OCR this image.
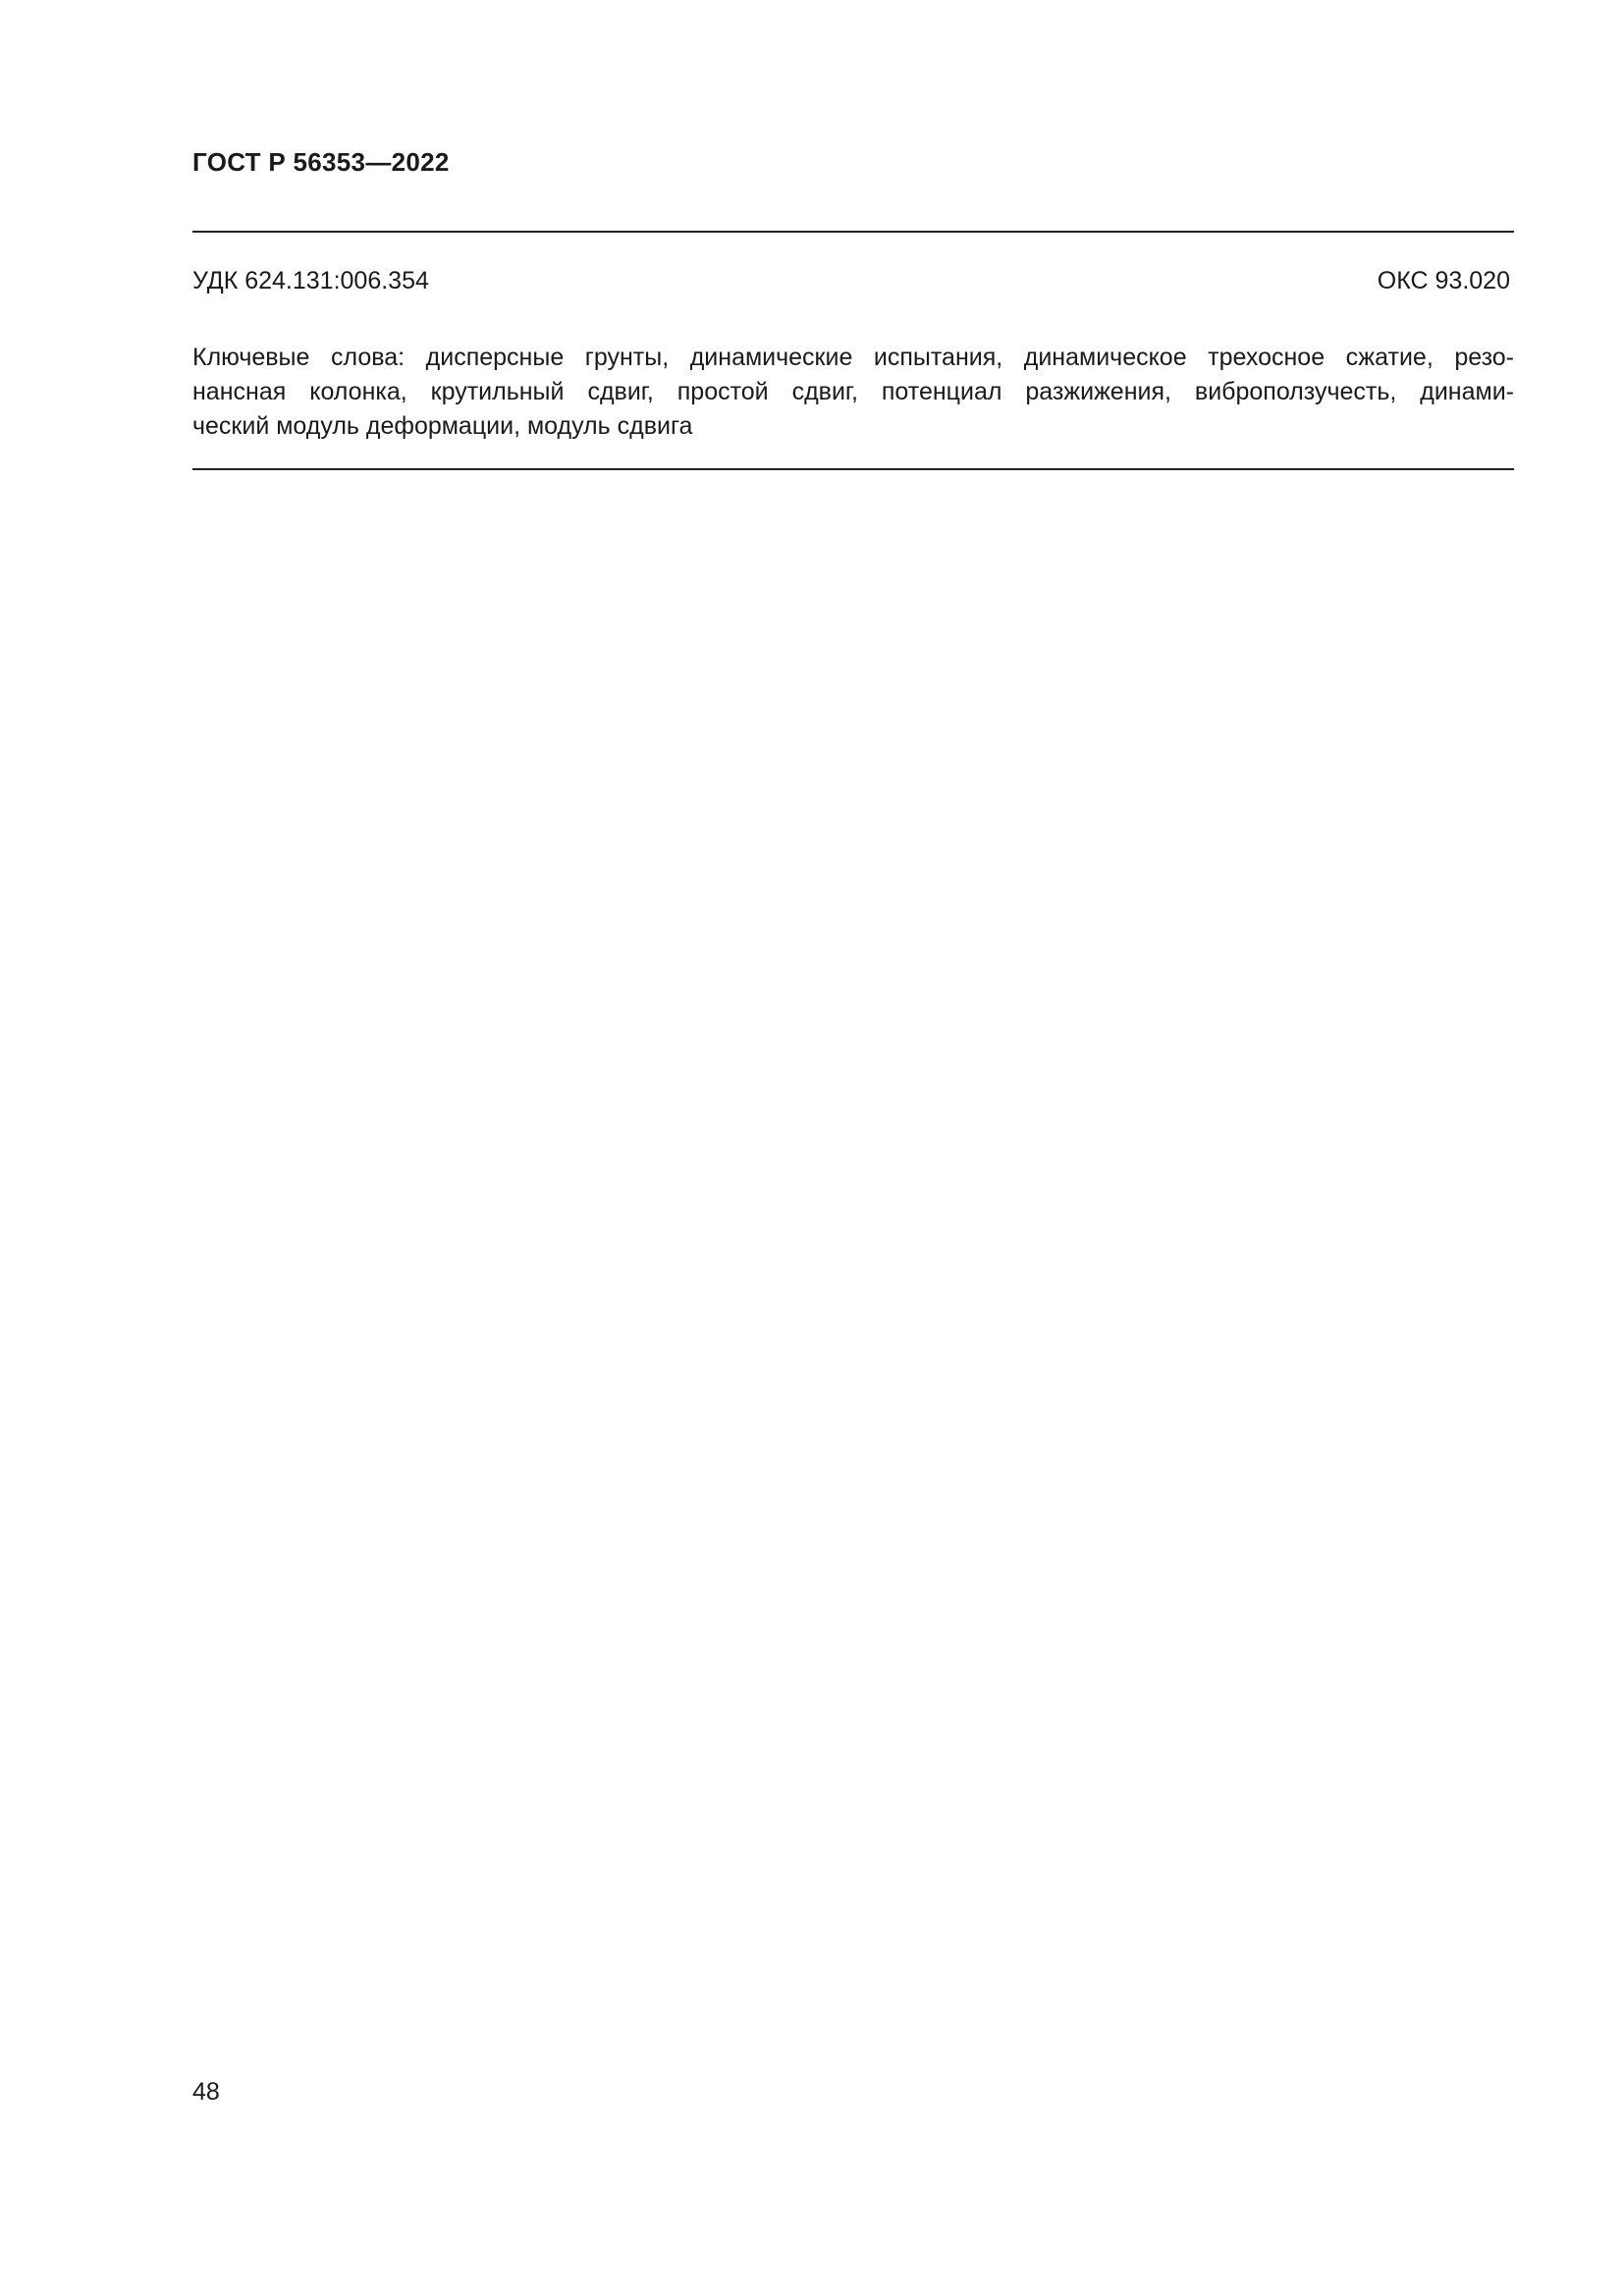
ГОСТ Р 56353—2022
УДК 624.131:006.354	ОКС 93.020
Ключевые слова: дисперсные грунты, динамические испытания, динамическое трехосное сжатие, резо-
нансная колонка, крутильный сдвиг, простой сдвиг, потенциал разжижения, виброползучесть, динами-
ческий модуль деформации, модуль сдвига
48
